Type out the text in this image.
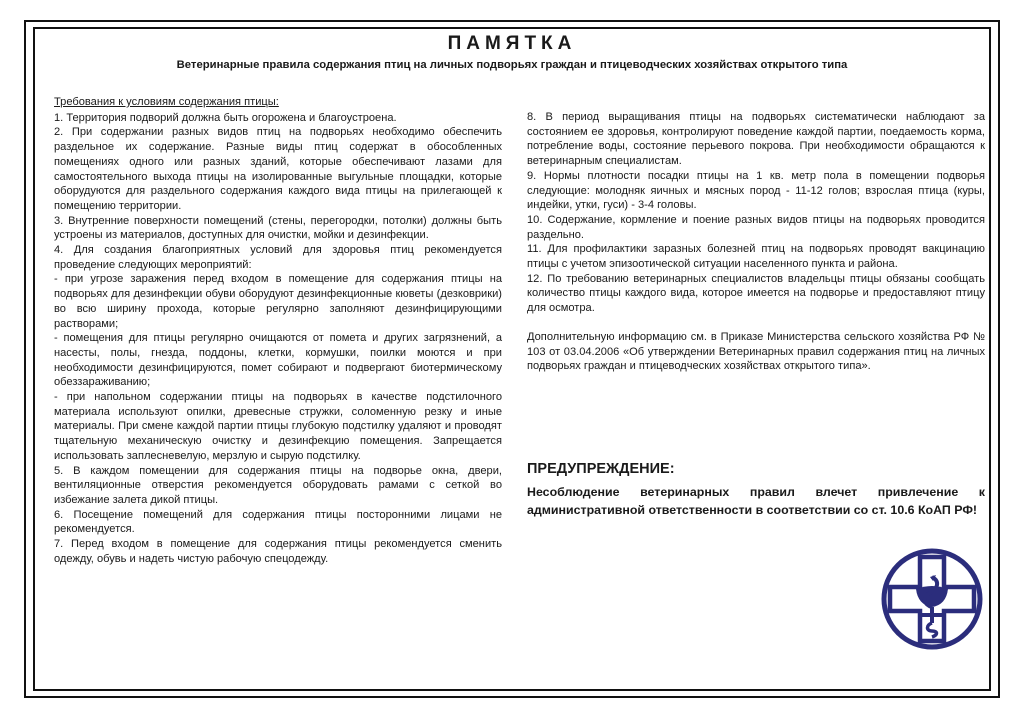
ПАМЯТКА

Ветеринарные правила содержания птиц на личных подворьях граждан и птицеводческих хозяйствах открытого типа

Требования к условиям содержания птицы:

1. Территория подворий должна быть огорожена и благоустроена.

2. При содержании разных видов птиц на подворьях необходимо обеспечить раздельное их содержание. Разные виды птиц содержат в обособленных помещениях одного или разных зданий, которые обеспечивают лазами для самостоятельного выхода птицы на изолированные выгульные площадки, которые оборудуются для раздельного содержания каждого вида птицы на прилегающей к помещению территории.

3. Внутренние поверхности помещений (стены, перегородки, потолки) должны быть устроены из материалов, доступных для очистки, мойки и дезинфекции.

4. Для создания благоприятных условий для здоровья птиц рекомендуется проведение следующих мероприятий:

- при угрозе заражения перед входом в помещение для содержания птицы на подворьях для дезинфекции обуви оборудуют дезинфекционные кюветы (дезковрики) во всю ширину прохода, которые регулярно заполняют дезинфицирующими растворами;

- помещения для птицы регулярно очищаются от помета и других загрязнений, а насесты, полы, гнезда, поддоны, клетки, кормушки, поилки моются и при необходимости дезинфицируются, помет собирают и подвергают биотермическому обеззараживанию;

- при напольном содержании птицы на подворьях в качестве подстилочного материала используют опилки, древесные стружки, соломенную резку и иные материалы. При смене каждой партии птицы глубокую подстилку удаляют и проводят тщательную механическую очистку и дезинфекцию помещения. Запрещается использовать заплесневелую, мерзлую и сырую подстилку.

5. В каждом помещении для содержания птицы на подворье окна, двери, вентиляционные отверстия рекомендуется оборудовать рамами с сеткой во избежание залета дикой птицы.

6. Посещение помещений для содержания птицы посторонними лицами не рекомендуется.

7. Перед входом в помещение для содержания птицы рекомендуется сменить одежду, обувь и надеть чистую рабочую спецодежду.

8. В период выращивания птицы на подворьях систематически наблюдают за состоянием ее здоровья, контролируют поведение каждой партии, поедаемость корма, потребление воды, состояние перьевого покрова. При необходимости обращаются к ветеринарным специалистам.

9. Нормы плотности посадки птицы на 1 кв. метр пола в помещении подворья следующие: молодняк яичных и мясных пород - 11-12 голов; взрослая птица (куры, индейки, утки, гуси) - 3-4 головы.

10. Содержание, кормление и поение разных видов птицы на подворьях проводится раздельно.

11. Для профилактики заразных болезней птиц на подворьях проводят вакцинацию птицы с учетом эпизоотической ситуации населенного пункта и района.

12. По требованию ветеринарных специалистов владельцы птицы обязаны сообщать количество птицы каждого вида, которое имеется на подворье и предоставляют птицу для осмотра.

Дополнительную информацию см. в Приказе Министерства сельского хозяйства РФ № 103 от 03.04.2006 «Об утверждении Ветеринарных правил содержания птиц на личных подворьях граждан и птицеводческих хозяйствах открытого типа».

ПРЕДУПРЕЖДЕНИЕ:

Несоблюдение ветеринарных правил влечет привлечение к административной ответственности в соответствии со ст. 10.6 КоАП РФ!
